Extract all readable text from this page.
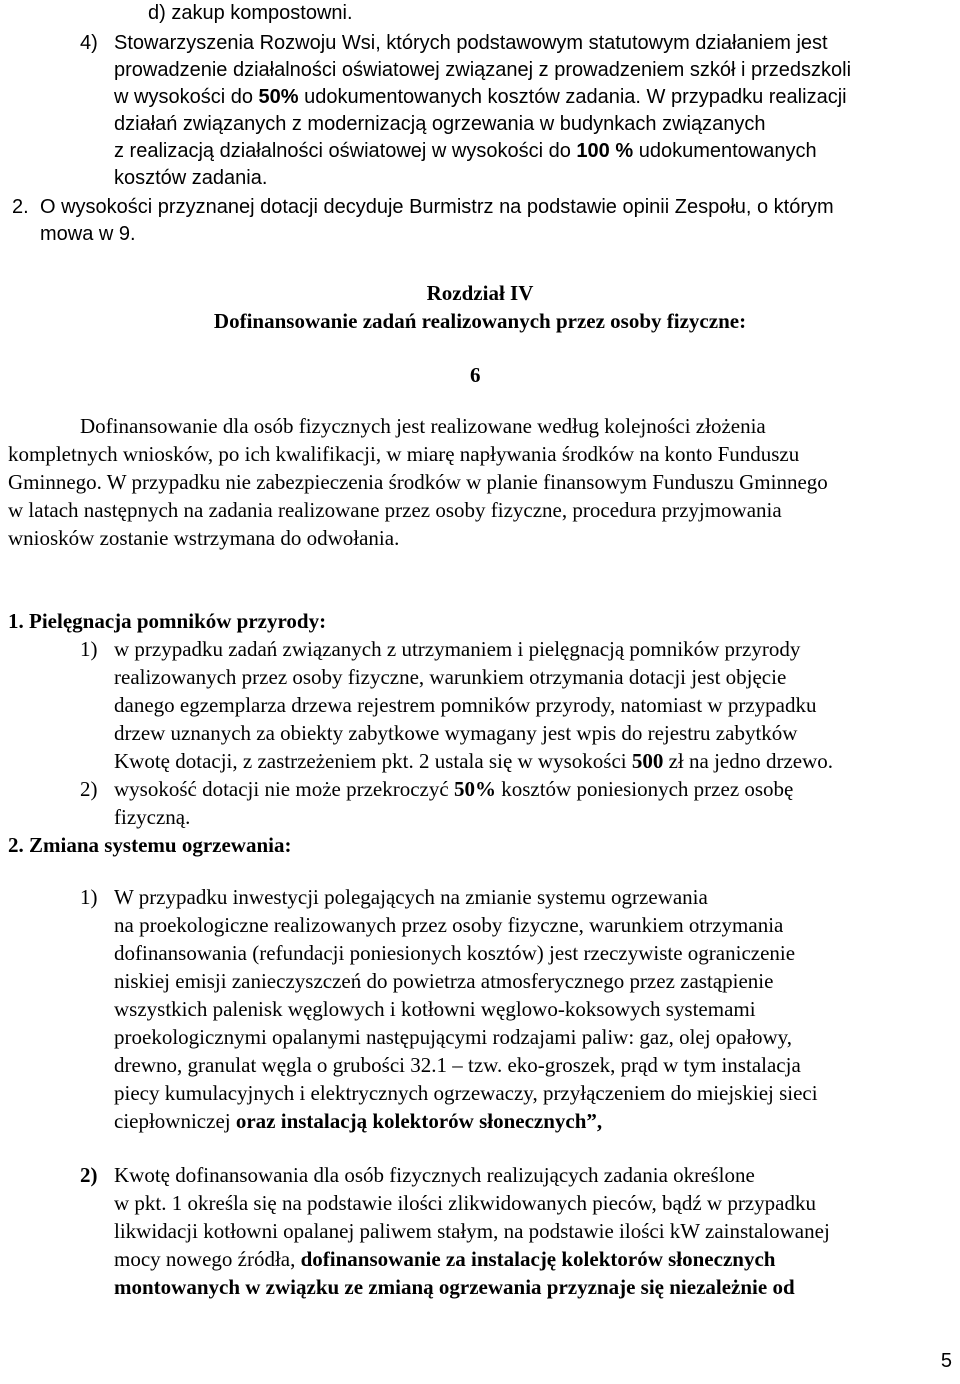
d) zakup kompostowni.
4) Stowarzyszenia Rozwoju Wsi, których podstawowym statutowym działaniem jest
prowadzenie działalności oświatowej związanej z prowadzeniem szkół i przedszkoli
w wysokości do 50% udokumentowanych kosztów zadania. W przypadku realizacji
działań związanych z modernizacją ogrzewania w budynkach związanych
z realizacją działalności oświatowej w wysokości do 100 % udokumentowanych
kosztów zadania.
2. O wysokości przyznanej dotacji decyduje Burmistrz na podstawie opinii Zespołu, o którym
mowa w 9.
Rozdział IV
Dofinansowanie zadań realizowanych przez osoby fizyczne:
6
Dofinansowanie dla osób fizycznych jest realizowane według kolejności złożenia
kompletnych wniosków, po ich kwalifikacji, w miarę napływania środków na konto Funduszu
Gminnego. W przypadku nie zabezpieczenia środków w planie finansowym Funduszu Gminnego
w latach następnych na zadania realizowane przez osoby fizyczne, procedura przyjmowania
wniosków zostanie wstrzymana do odwołania.
1. Pielęgnacja pomników przyrody:
1) w przypadku zadań związanych z utrzymaniem i pielęgnacją pomników przyrody
realizowanych przez osoby fizyczne, warunkiem otrzymania dotacji jest objęcie
danego egzemplarza drzewa rejestrem pomników przyrody, natomiast w przypadku
drzew uznanych za obiekty zabytkowe wymagany jest wpis do rejestru zabytków
Kwotę dotacji, z zastrzeżeniem pkt. 2 ustala się w wysokości 500 zł na jedno drzewo.
2) wysokość dotacji nie może przekroczyć 50% kosztów poniesionych przez osobę
fizyczną.
2. Zmiana systemu ogrzewania:
1) W przypadku inwestycji polegających na zmianie systemu ogrzewania
na proekologiczne realizowanych przez osoby fizyczne, warunkiem otrzymania
dofinansowania (refundacji poniesionych kosztów) jest rzeczywiste ograniczenie
niskiej emisji zanieczyszczeń do powietrza atmosferycznego przez zastąpienie
wszystkich palenisk węglowych i kotłowni węglowo-koksowych systemami
proekologicznymi opalanymi następującymi rodzajami paliw: gaz, olej opałowy,
drewno, granulat węgla o grubości 32.1 – tzw. eko-groszek, prąd w tym instalacja
piecy kumulacyjnych i elektrycznych ogrzewaczy, przyłączeniem do miejskiej sieci
ciepłowniczej oraz instalacją kolektorów słonecznych”,
2) Kwotę dofinansowania dla osób fizycznych realizujących zadania określone
w pkt. 1 określa się na podstawie ilości zlikwidowanych pieców, bądź w przypadku
likwidacji kotłowni opalanej paliwem stałym, na podstawie ilości kW zainstalowanej
mocy nowego źródła, dofinansowanie za instalację kolektorów słonecznych
montowanych w związku ze zmianą ogrzewania przyznaje się niezależnie od
5
